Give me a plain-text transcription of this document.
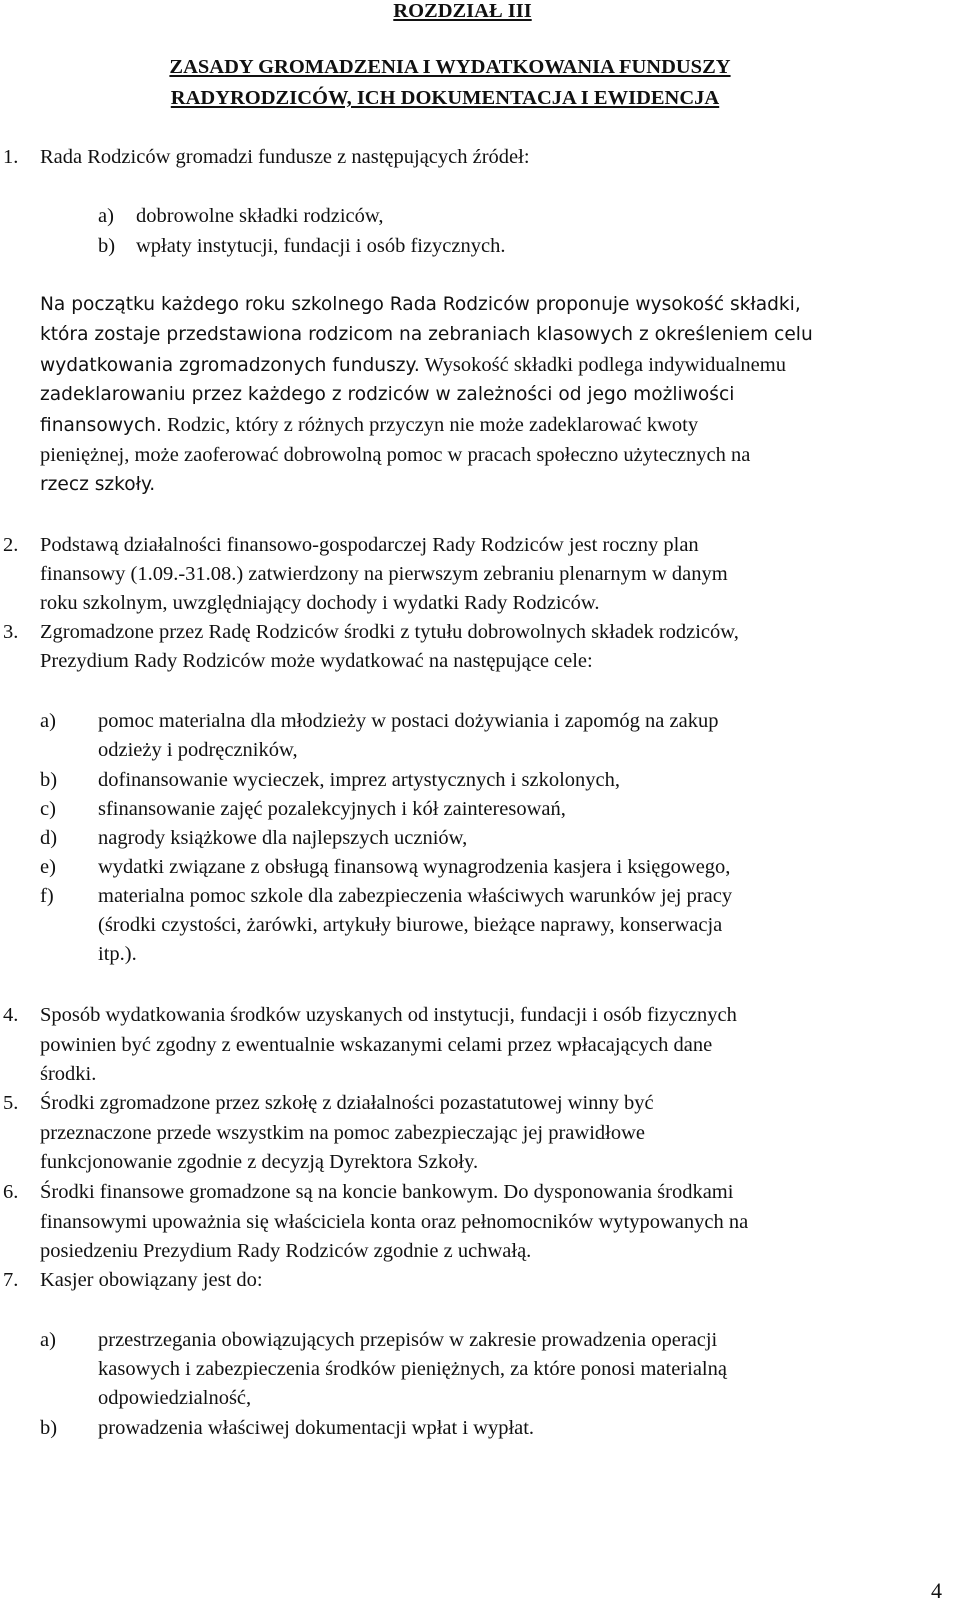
ROZDZIAŁ III
ZASADY GROMADZENIA I WYDATKOWANIA FUNDUSZY
RADYRODZICÓW, ICH DOKUMENTACJA I EWIDENCJA
1. Rada Rodziców gromadzi fundusze z następujących źródeł:
a) dobrowolne składki rodziców,
b) wpłaty instytucji, fundacji i osób fizycznych.
Na początku każdego roku szkolnego Rada Rodziców proponuje wysokość składki,
która zostaje przedstawiona rodzicom na zebraniach klasowych z określeniem celu
wydatkowania zgromadzonych funduszy. Wysokość składki podlega indywidualnemu
zadeklarowaniu przez każdego z rodziców w zależności od jego możliwości
finansowych. Rodzic, który z różnych przyczyn nie może zadeklarować kwoty
pieniężnej, może zaoferować dobrowolną pomoc w pracach społeczno użytecznych na
rzecz szkoły.
2. Podstawą działalności finansowo-gospodarczej Rady Rodziców jest roczny plan
finansowy (1.09.-31.08.) zatwierdzony na pierwszym zebraniu plenarnym w danym
roku szkolnym, uwzględniający dochody i wydatki Rady Rodziców.
3. Zgromadzone przez Radę Rodziców środki z tytułu dobrowolnych składek rodziców,
Prezydium Rady Rodziców może wydatkować na następujące cele:
a) pomoc materialna dla młodzieży w postaci dożywiania i zapomóg na zakup
odzieży i podręczników,
b) dofinansowanie wycieczek, imprez artystycznych i szkolonych,
c) sfinansowanie zajęć pozalekcyjnych i kół zainteresowań,
d) nagrody książkowe dla najlepszych uczniów,
e) wydatki związane z obsługą finansową wynagrodzenia kasjera i księgowego,
f) materialna pomoc szkole dla zabezpieczenia właściwych warunków jej pracy
(środki czystości, żarówki, artykuły biurowe, bieżące naprawy, konserwacja
itp.).
4. Sposób wydatkowania środków uzyskanych od instytucji, fundacji i osób fizycznych
powinien być zgodny z ewentualnie wskazanymi celami przez wpłacających dane
środki.
5. Środki zgromadzone przez szkołę z działalności pozastatutowej winny być
przeznaczone przede wszystkim na pomoc zabezpieczając jej prawidłowe
funkcjonowanie zgodnie z decyzją Dyrektora Szkoły.
6. Środki finansowe gromadzone są na koncie bankowym. Do dysponowania środkami
finansowymi upoważnia się właściciela konta oraz pełnomocników wytypowanych na
posiedzeniu Prezydium Rady Rodziców zgodnie z uchwałą.
7. Kasjer obowiązany jest do:
a) przestrzegania obowiązujących przepisów w zakresie prowadzenia operacji
kasowych i zabezpieczenia środków pieniężnych, za które ponosi materialną
odpowiedzialność,
b) prowadzenia właściwej dokumentacji wpłat i wypłat.
4
